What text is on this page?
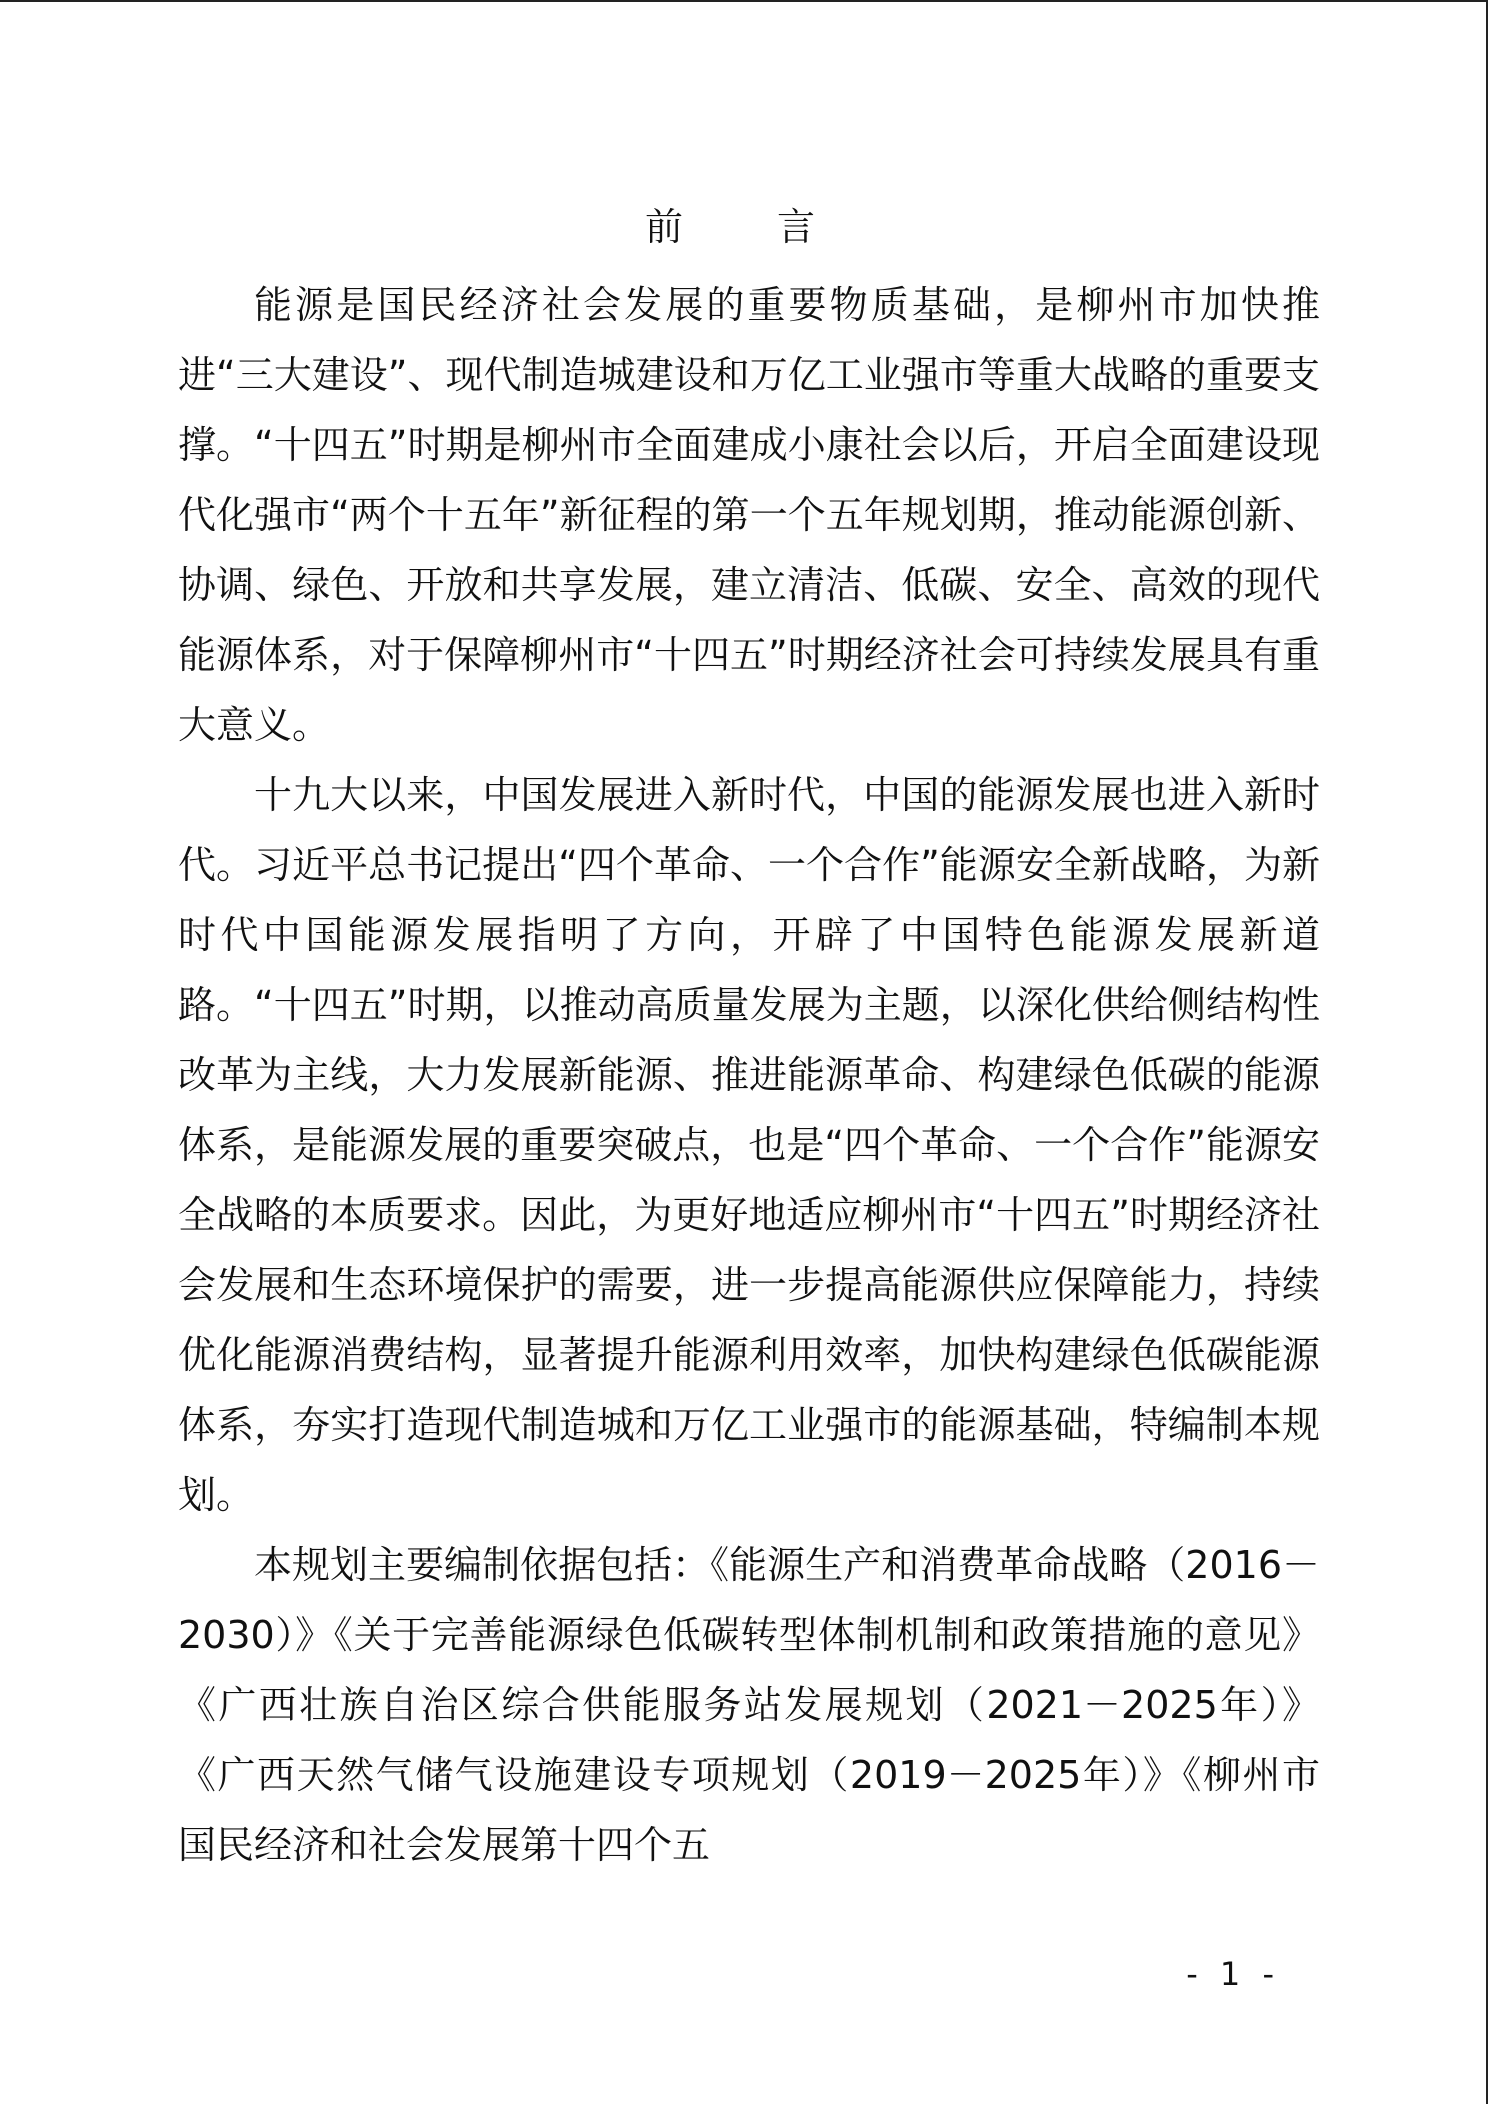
前　言

能源是国民经济社会发展的重要物质基础，是柳州市加快推进“三大建设”、现代制造城建设和万亿工业强市等重大战略的重要支撑。“十四五”时期是柳州市全面建成小康社会以后，开启全面建设现代化强市“两个十五年”新征程的第一个五年规划期，推动能源创新、协调、绿色、开放和共享发展，建立清洁、低碳、安全、高效的现代能源体系，对于保障柳州市“十四五”时期经济社会可持续发展具有重大意义。

十九大以来，中国发展进入新时代，中国的能源发展也进入新时代。习近平总书记提出“四个革命、一个合作”能源安全新战略，为新时代中国能源发展指明了方向，开辟了中国特色能源发展新道路。“十四五”时期，以推动高质量发展为主题，以深化供给侧结构性改革为主线，大力发展新能源、推进能源革命、构建绿色低碳的能源体系，是能源发展的重要突破点，也是“四个革命、一个合作”能源安全战略的本质要求。因此，为更好地适应柳州市“十四五”时期经济社会发展和生态环境保护的需要，进一步提高能源供应保障能力，持续优化能源消费结构，显著提升能源利用效率，加快构建绿色低碳能源体系，夯实打造现代制造城和万亿工业强市的能源基础，特编制本规划。

本规划主要编制依据包括：《能源生产和消费革命战略（2016－2030）》《关于完善能源绿色低碳转型体制机制和政策措施的意见》《广西壮族自治区综合供能服务站发展规划（2021－2025年）》《广西天然气储气设施建设专项规划（2019－2025年）》《柳州市国民经济和社会发展第十四个五

- 1 -
